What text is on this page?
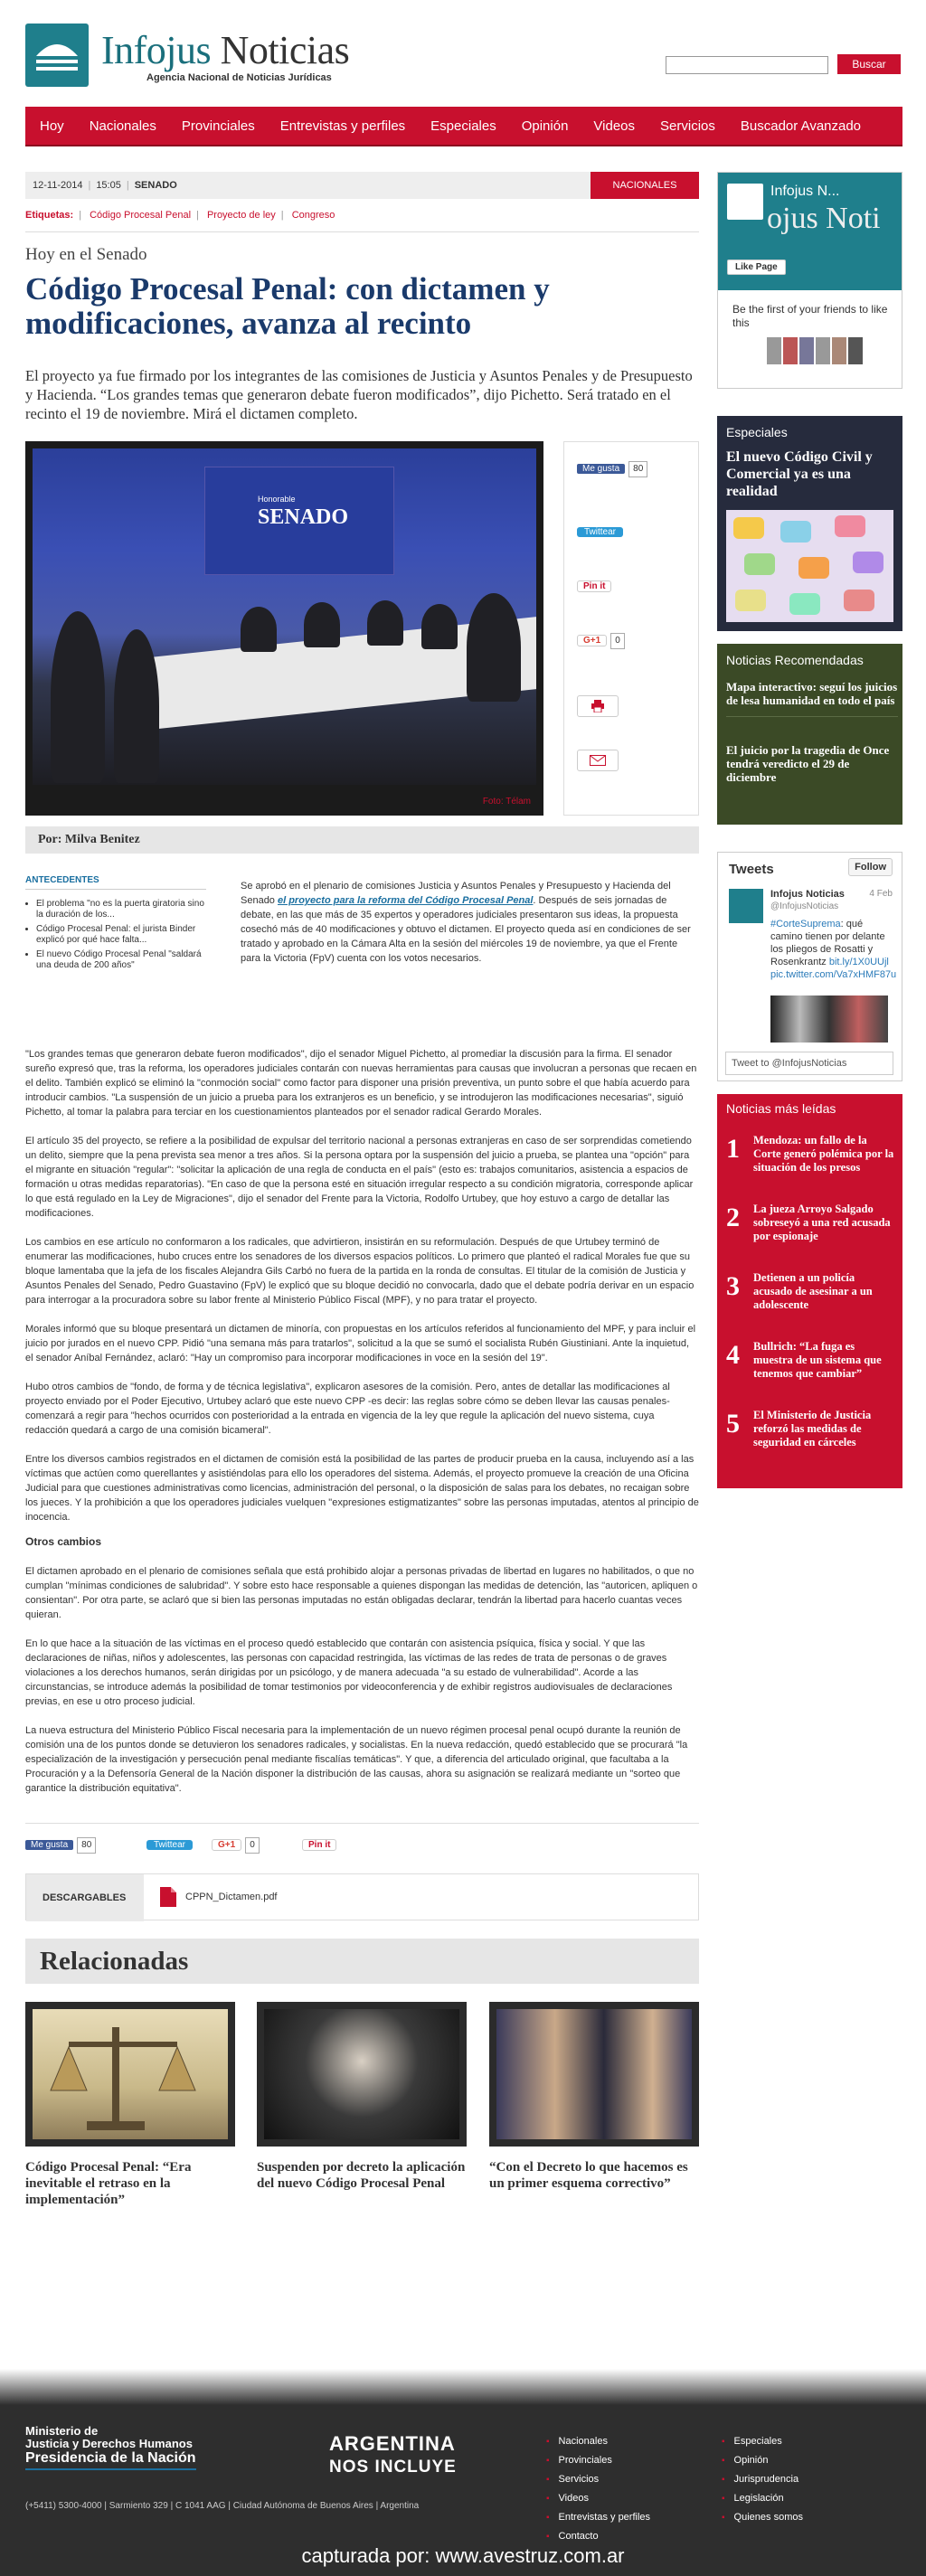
Infojus Noticias
Agencia Nacional de Noticias Jurídicas
Buscar
Hoy Nacionales Provinciales Entrevistas y perfiles Especiales Opinión Videos Servicios Buscador Avanzado
12-11-2014 | 15:05 | SENADO	NACIONALES
Etiquetas: | Código Procesal Penal | Proyecto de ley | Congreso
Hoy en el Senado
Código Procesal Penal: con dictamen y modificaciones, avanza al recinto

El proyecto ya fue firmado por los integrantes de las comisiones de Justicia y Asuntos Penales y de Presupuesto y Hacienda. “Los grandes temas que generaron debate fueron modificados”, dijo Pichetto. Será tratado en el recinto el 19 de noviembre. Mirá el dictamen completo.

Honorable
SENADO
Foto: Télam
Me gusta 80
Twittear
Pin it
G+1 0
Por: Milva Benitez
ANTECEDENTES
• El problema "no es la puerta giratoria sino la duración de los...
• Código Procesal Penal: el jurista Binder explicó por qué hace falta...
• El nuevo Código Procesal Penal "saldará una deuda de 200 años"

Se aprobó en el plenario de comisiones Justicia y Asuntos Penales y Presupuesto y Hacienda del Senado el proyecto para la reforma del Código Procesal Penal. Después de seis jornadas de debate, en las que más de 35 expertos y operadores judiciales presentaron sus ideas, la propuesta cosechó más de 40 modificaciones y obtuvo el dictamen. El proyecto queda así en condiciones de ser tratado y aprobado en la Cámara Alta en la sesión del miércoles 19 de noviembre, ya que el Frente para la Victoria (FpV) cuenta con los votos necesarios.

"Los grandes temas que generaron debate fueron modificados", dijo el senador Miguel Pichetto, al promediar la discusión para la firma. El senador sureño expresó que, tras la reforma, los operadores judiciales contarán con nuevas herramientas para causas que involucran a personas que recaen en el delito. También explicó se eliminó la "conmoción social" como factor para disponer una prisión preventiva, un punto sobre el que había acuerdo para introducir cambios. "La suspensión de un juicio a prueba para los extranjeros es un beneficio, y se introdujeron las modificaciones necesarias", siguió Pichetto, al tomar la palabra para terciar en los cuestionamientos planteados por el senador radical Gerardo Morales.

El artículo 35 del proyecto, se refiere a la posibilidad de expulsar del territorio nacional a personas extranjeras en caso de ser sorprendidas cometiendo un delito, siempre que la pena prevista sea menor a tres años. Si la persona optara por la suspensión del juicio a prueba, se plantea una "opción" para el migrante en situación "regular": "solicitar la aplicación de una regla de conducta en el país" (esto es: trabajos comunitarios, asistencia a espacios de formación u otras medidas reparatorias). "En caso de que la persona esté en situación irregular respecto a su condición migratoria, corresponde aplicar lo que está regulado en la Ley de Migraciones", dijo el senador del Frente para la Victoria, Rodolfo Urtubey, que hoy estuvo a cargo de detallar las modificaciones.

Los cambios en ese artículo no conformaron a los radicales, que advirtieron, insistirán en su reformulación. Después de que Urtubey terminó de enumerar las modificaciones, hubo cruces entre los senadores de los diversos espacios políticos. Lo primero que planteó el radical Morales fue que su bloque lamentaba que la jefa de los fiscales Alejandra Gils Carbó no fuera de la partida en la ronda de consultas. El titular de la comisión de Justicia y Asuntos Penales del Senado, Pedro Guastavino (FpV) le explicó que su bloque decidió no convocarla, dado que el debate podría derivar en un espacio para interrogar a la procuradora sobre su labor frente al Ministerio Público Fiscal (MPF), y no para tratar el proyecto.

Morales informó que su bloque presentará un dictamen de minoría, con propuestas en los artículos referidos al funcionamiento del MPF, y para incluir el juicio por jurados en el nuevo CPP. Pidió "una semana más para tratarlos", solicitud a la que se sumó el socialista Rubén Giustiniani. Ante la inquietud, el senador Aníbal Fernández, aclaró: "Hay un compromiso para incorporar modificaciones in voce en la sesión del 19".

Hubo otros cambios de "fondo, de forma y de técnica legislativa", explicaron asesores de la comisión. Pero, antes de detallar las modificaciones al proyecto enviado por el Poder Ejecutivo, Urtubey aclaró que este nuevo CPP -es decir: las reglas sobre cómo se deben llevar las causas penales- comenzará a regir para "hechos ocurridos con posterioridad a la entrada en vigencia de la ley que regule la aplicación del nuevo sistema, cuya redacción quedará a cargo de una comisión bicameral".

Entre los diversos cambios registrados en el dictamen de comisión está la posibilidad de las partes de producir prueba en la causa, incluyendo así a las víctimas que actúen como querellantes y asistiéndolas para ello los operadores del sistema. Además, el proyecto promueve la creación de una Oficina Judicial para que cuestiones administrativas como licencias, administración del personal, o la disposición de salas para los debates, no recaigan sobre los jueces. Y la prohibición a que los operadores judiciales vuelquen "expresiones estigmatizantes" sobre las personas imputadas, atentos al principio de inocencia.

Otros cambios

El dictamen aprobado en el plenario de comisiones señala que está prohibido alojar a personas privadas de libertad en lugares no habilitados, o que no cumplan "mínimas condiciones de salubridad". Y sobre esto hace responsable a quienes dispongan las medidas de detención, las "autoricen, apliquen o consientan". Por otra parte, se aclaró que si bien las personas imputadas no están obligadas declarar, tendrán la libertad para hacerlo cuantas veces quieran.

En lo que hace a la situación de las víctimas en el proceso quedó establecido que contarán con asistencia psíquica, física y social. Y que las declaraciones de niñas, niños y adolescentes, las personas con capacidad restringida, las víctimas de las redes de trata de personas o de graves violaciones a los derechos humanos, serán dirigidas por un psicólogo, y de manera adecuada "a su estado de vulnerabilidad". Acorde a las circunstancias, se introduce además la posibilidad de tomar testimonios por videoconferencia y de exhibir registros audiovisuales de declaraciones previas, en ese u otro proceso judicial.

La nueva estructura del Ministerio Público Fiscal necesaria para la implementación de un nuevo régimen procesal penal ocupó durante la reunión de comisión una de los puntos donde se detuvieron los senadores radicales, y socialistas. En la nueva redacción, quedó establecido que se procurará "la especialización de la investigación y persecución penal mediante fiscalías temáticas". Y que, a diferencia del articulado original, que facultaba a la Procuración y a la Defensoría General de la Nación disponer la distribución de las causas, ahora su asignación se realizará mediante un "sorteo que garantice la distribución equitativa".

Me gusta 80	Twittear	G+1 0	Pin it
DESCARGABLES	CPPN_Dictamen.pdf
Relacionadas
Código Procesal Penal: “Era inevitable el retraso en la implementación”
Suspenden por decreto la aplicación del nuevo Código Procesal Penal
“Con el Decreto lo que hacemos es un primer esquema correctivo”
Infojus N...
ojus Noti
Like Page
Be the first of your friends to like this
Especiales
El nuevo Código Civil y Comercial ya es una realidad
Noticias Recomendadas
Mapa interactivo: seguí los juicios de lesa humanidad en todo el país
El juicio por la tragedia de Once tendrá veredicto el 29 de diciembre
Tweets	Follow
Infojus Noticias
@InfojusNoticias
4 Feb
#CorteSuprema: qué camino tienen por delante los pliegos de Rosatti y Rosenkrantz bit.ly/1X0UUjl pic.twitter.com/Va7xHMF87u
Tweet to @InfojusNoticias
Noticias más leídas
1 Mendoza: un fallo de la Corte generó polémica por la situación de los presos
2 La jueza Arroyo Salgado sobreseyó a una red acusada por espionaje
3 Detienen a un policía acusado de asesinar a un adolescente
4 Bullrich: “La fuga es muestra de un sistema que tenemos que cambiar”
5 El Ministerio de Justicia reforzó las medidas de seguridad en cárceles
Ministerio de
Justicia y Derechos Humanos
Presidencia de la Nación
ARGENTINA
NOS INCLUYE
(+5411) 5300-4000 | Sarmiento 329 | C 1041 AAG | Ciudad Autónoma de Buenos Aires | Argentina
▪ Nacionales
▪ Provinciales
▪ Servicios
▪ Videos
▪ Entrevistas y perfiles
▪ Contacto
▪ Especiales
▪ Opinión
▪ Jurisprudencia
▪ Legislación
▪ Quienes somos
capturada por: www.avestruz.com.ar
